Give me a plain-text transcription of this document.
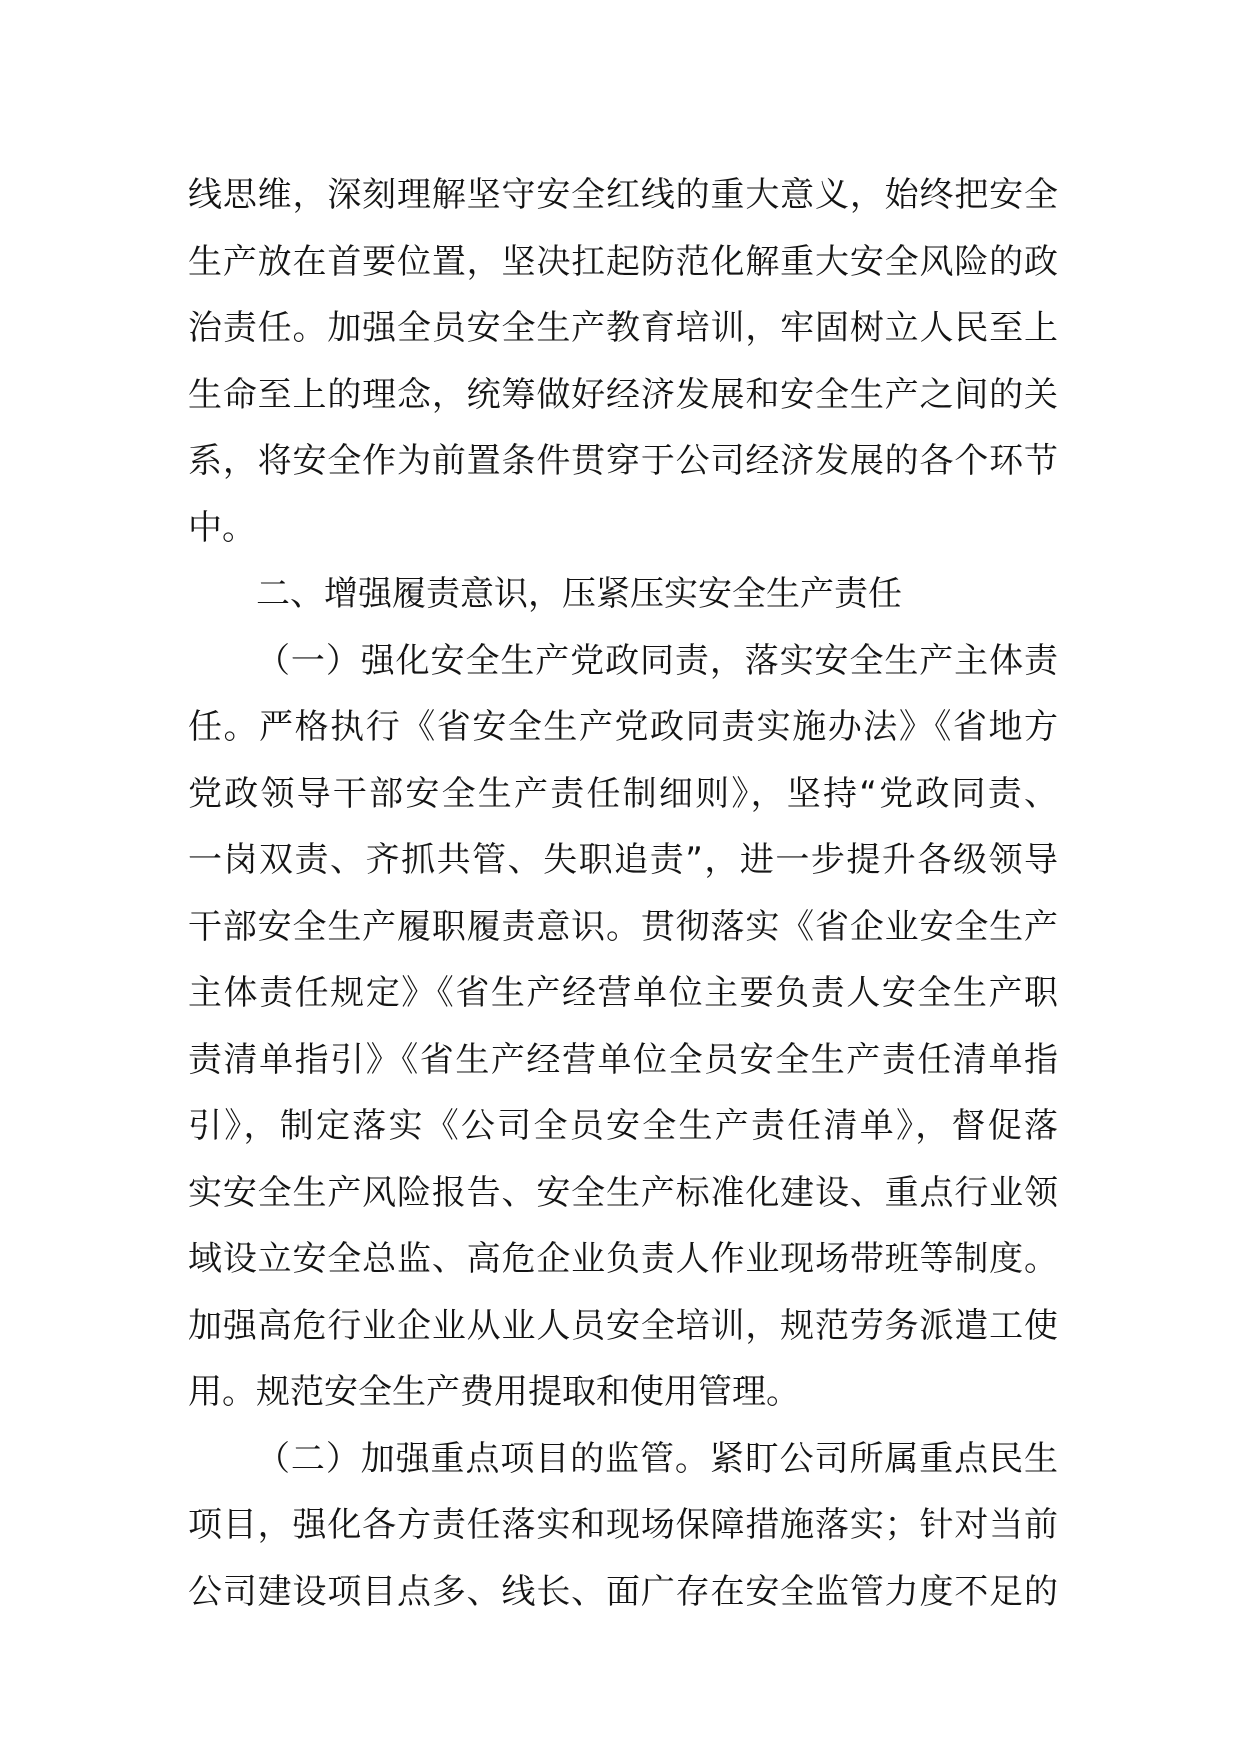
线思维，深刻理解坚守安全红线的重大意义，始终把安全
生产放在首要位置，坚决扛起防范化解重大安全风险的政
治责任。加强全员安全生产教育培训，牢固树立人民至上
生命至上的理念，统筹做好经济发展和安全生产之间的关
系，将安全作为前置条件贯穿于公司经济发展的各个环节
中。
二、增强履责意识，压紧压实安全生产责任
（一）强化安全生产党政同责，落实安全生产主体责
任。严格执行《省安全生产党政同责实施办法》《省地方
党政领导干部安全生产责任制细则》，坚持“党政同责、
一岗双责、齐抓共管、失职追责”，进一步提升各级领导
干部安全生产履职履责意识。贯彻落实《省企业安全生产
主体责任规定》《省生产经营单位主要负责人安全生产职
责清单指引》《省生产经营单位全员安全生产责任清单指
引》，制定落实《公司全员安全生产责任清单》，督促落
实安全生产风险报告、安全生产标准化建设、重点行业领
域设立安全总监、高危企业负责人作业现场带班等制度。
加强高危行业企业从业人员安全培训，规范劳务派遣工使
用。规范安全生产费用提取和使用管理。
（二）加强重点项目的监管。紧盯公司所属重点民生
项目，强化各方责任落实和现场保障措施落实；针对当前
公司建设项目点多、线长、面广存在安全监管力度不足的
